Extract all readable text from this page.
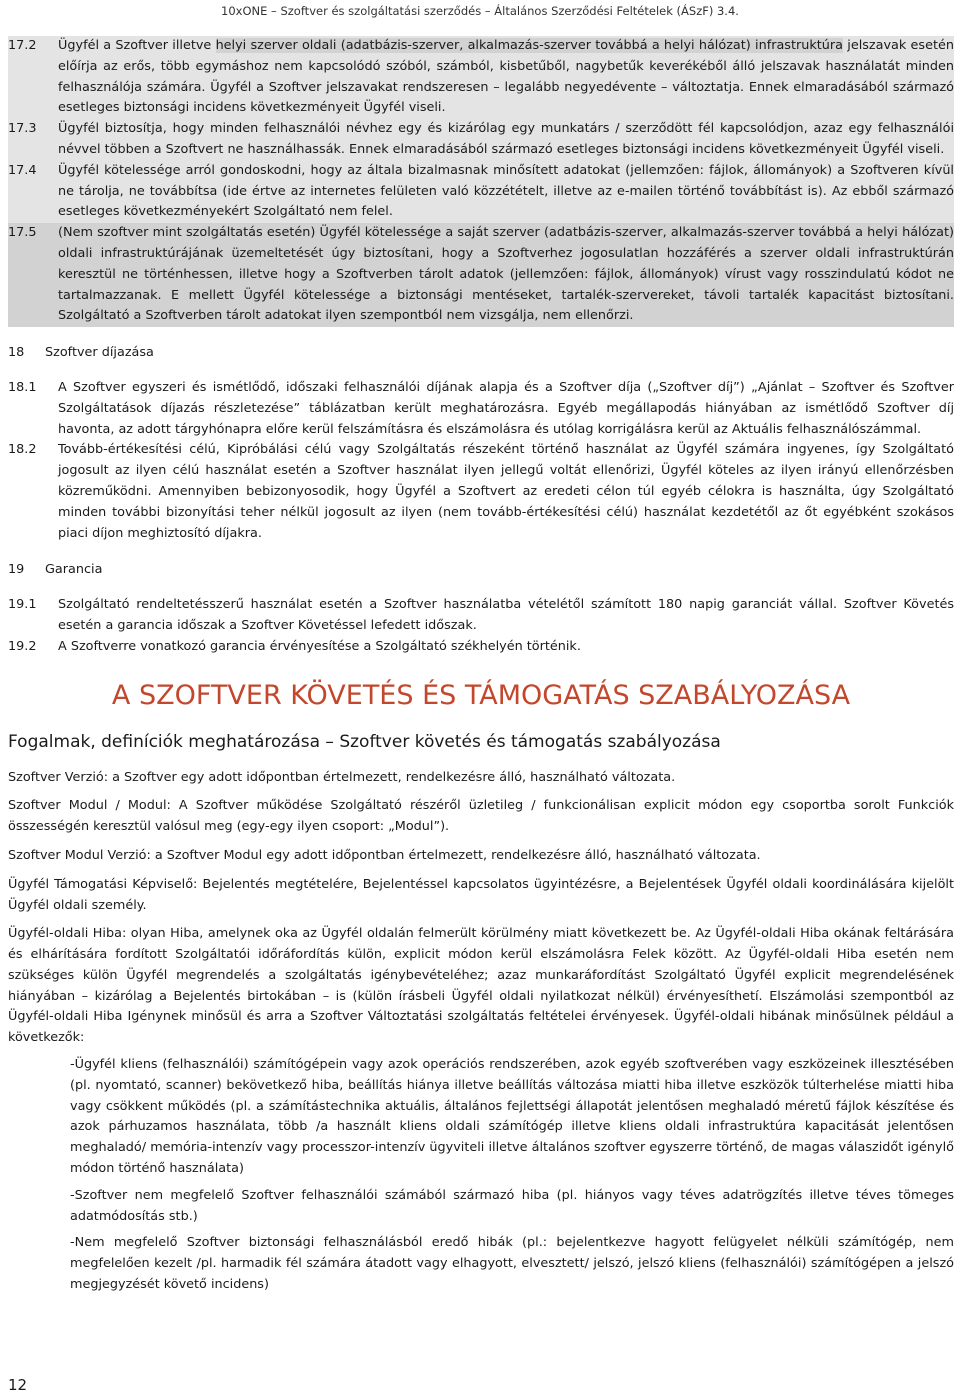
10xONE – Szoftver és szolgáltatási szerződés – Általános Szerződési Feltételek (ÁSzF) 3.4.
17.2	Ügyfél a Szoftver illetve helyi szerver oldali (adatbázis-szerver, alkalmazás-szerver továbbá a helyi hálózat) infrastruktúra jelszavak esetén előírja az erős, több egymáshoz nem kapcsolódó szóból, számból, kisbetűből, nagybetűk keverékéből álló jelszavak használatát minden felhasználója számára. Ügyfél a Szoftver jelszavakat rendszeresen – legalább negyedévente – változtatja. Ennek elmaradásából származó esetleges biztonsági incidens következményeit Ügyfél viseli.
17.3	Ügyfél biztosítja, hogy minden felhasználói névhez egy és kizárólag egy munkatárs / szerződött fél kapcsolódjon, azaz egy felhasználói névvel többen a Szoftvert ne használhassák. Ennek elmaradásából származó esetleges biztonsági incidens következményeit Ügyfél viseli.
17.4	Ügyfél kötelessége arról gondoskodni, hogy az általa bizalmasnak minősített adatokat (jellemzően: fájlok, állományok) a Szoftveren kívül ne tárolja, ne továbbítsa (ide értve az internetes felületen való közzétételt, illetve az e-mailen történő továbbítást is). Az ebből származó esetleges következményekért Szolgáltató nem felel.
17.5	(Nem szoftver mint szolgáltatás esetén) Ügyfél kötelessége a saját szerver (adatbázis-szerver, alkalmazás-szerver továbbá a helyi hálózat) oldali infrastruktúrájának üzemeltetését úgy biztosítani, hogy a Szoftverhez jogosulatlan hozzáférés a szerver oldali infrastruktúrán keresztül ne történhessen, illetve hogy a Szoftverben tárolt adatok (jellemzően: fájlok, állományok) vírust vagy rosszindulatú kódot ne tartalmazzanak. E mellett Ügyfél kötelessége a biztonsági mentéseket, tartalék-szervereket, távoli tartalék kapacitást biztosítani. Szolgáltató a Szoftverben tárolt adatokat ilyen szempontból nem vizsgálja, nem ellenőrzi.
18	Szoftver díjazása
18.1	A Szoftver egyszeri és ismétlődő, időszaki felhasználói díjának alapja és a Szoftver díja („Szoftver díj”) „Ajánlat – Szoftver és Szoftver Szolgáltatások díjazás részletezése” táblázatban került meghatározásra. Egyéb megállapodás hiányában az ismétlődő Szoftver díj havonta, az adott tárgyhónapra előre kerül felszámításra és elszámolásra és utólag korrigálásra kerül az Aktuális felhasználószámmal.
18.2	Tovább-értékesítési célú, Kipróbálási célú vagy Szolgáltatás részeként történő használat az Ügyfél számára ingyenes, így Szolgáltató jogosult az ilyen célú használat esetén a Szoftver használat ilyen jellegű voltát ellenőrizi, Ügyfél köteles az ilyen irányú ellenőrzésben közreműködni. Amennyiben bebizonyosodik, hogy Ügyfél a Szoftvert az eredeti célon túl egyéb célokra is használta, úgy Szolgáltató minden további bizonyítási teher nélkül jogosult az ilyen (nem tovább-értékesítési célú) használat kezdetétől az őt egyébként szokásos piaci díjon meghiztosító díjakra.
19	Garancia
19.1	Szolgáltató rendeltetésszerű használat esetén a Szoftver használatba vételétől számított 180 napig garanciát vállal. Szoftver Követés esetén a garancia időszak a Szoftver Követéssel lefedett időszak.
19.2	A Szoftverre vonatkozó garancia érvényesítése a Szolgáltató székhelyén történik.
A SZOFTVER KÖVETÉS ÉS TÁMOGATÁS SZABÁLYOZÁSA
Fogalmak, definíciók meghatározása – Szoftver követés és támogatás szabályozása
Szoftver Verzió: a Szoftver egy adott időpontban értelmezett, rendelkezésre álló, használható változata.
Szoftver Modul / Modul: A Szoftver működése Szolgáltató részéről üzletileg / funkcionálisan explicit módon egy csoportba sorolt Funkciók összességén keresztül valósul meg (egy-egy ilyen csoport: „Modul”).
Szoftver Modul Verzió: a Szoftver Modul egy adott időpontban értelmezett, rendelkezésre álló, használható változata.
Ügyfél Támogatási Képviselő: Bejelentés megtételére, Bejelentéssel kapcsolatos ügyintézésre, a Bejelentések Ügyfél oldali koordinálására kijelölt Ügyfél oldali személy.
Ügyfél-oldali Hiba: olyan Hiba, amelynek oka az Ügyfél oldalán felmerült körülmény miatt következett be. Az Ügyfél-oldali Hiba okának feltárására és elhárítására fordított Szolgáltatói időráfordítás külön, explicit módon kerül elszámolásra Felek között. Az Ügyfél-oldali Hiba esetén nem szükséges külön Ügyfél megrendelés a szolgáltatás igénybevételéhez; azaz munkaráfordítást Szolgáltató Ügyfél explicit megrendelésének hiányában – kizárólag a Bejelentés birtokában – is (külön írásbeli Ügyfél oldali nyilatkozat nélkül) érvényesíthetí. Elszámolási szempontból az Ügyfél-oldali Hiba Igénynek minősül és arra a Szoftver Változtatási szolgáltatás feltételei érvényesek. Ügyfél-oldali hibának minősülnek például a következők:
-Ügyfél kliens (felhasználói) számítógépein vagy azok operációs rendszerében, azok egyéb szoftverében vagy eszközeinek illesztésében (pl. nyomtató, scanner) bekövetkező hiba, beállítás hiánya illetve beállítás változása miatti hiba illetve eszközök túlterhelése miatti hiba vagy csökkent működés (pl. a számítástechnika aktuális, általános fejlettségi állapotát jelentősen meghaladó méretű fájlok készítése és azok párhuzamos használata, több /a használt kliens oldali számítógép illetve kliens oldali infrastruktúra kapacitását jelentősen meghaladó/ memória-intenzív vagy processzor-intenzív ügyviteli illetve általános szoftver egyszerre történő, de magas válaszidőt igénylő módon történő használata)
-Szoftver nem megfelelő Szoftver felhasználói számából származó hiba (pl. hiányos vagy téves adatrögzítés illetve téves tömeges adatmódosítás stb.)
-Nem megfelelő Szoftver biztonsági felhasználásból eredő hibák (pl.: bejelentkezve hagyott felügyelet nélküli számítógép, nem megfelelően kezelt /pl. harmadik fél számára átadott vagy elhagyott, elvesztett/ jelszó, jelszó kliens (felhasználói) számítógépen a jelszó megjegyzését követő incidens)
12
